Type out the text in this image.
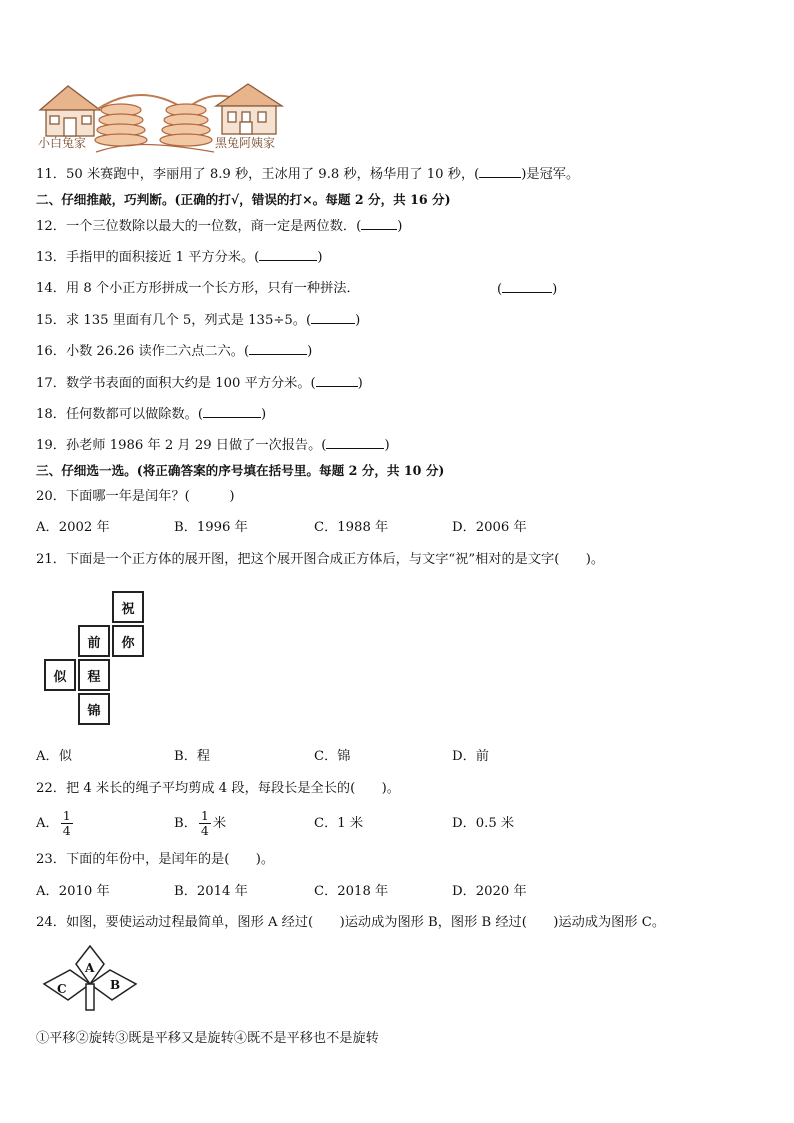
小白兔家	黑兔阿姨家
11．50 米赛跑中，李丽用了 8.9 秒，王冰用了 9.8 秒，杨华用了 10 秒，(	)是冠军。
二、仔细推敲，巧判断。(正确的打√，错误的打×。每题 2 分，共 16 分)
12．一个三位数除以最大的一位数，商一定是两位数．(	)
13．手指甲的面积接近 1 平方分米。(	)
14．用 8 个小正方形拼成一个长方形，只有一种拼法．	(	)
15．求 135 里面有几个 5，列式是 135÷5。(	)
16．小数 26.26 读作二六点二六。(	)
17．数学书表面的面积大约是 100 平方分米。(	)
18．任何数都可以做除数。(	)
19．孙老师 1986 年 2 月 29 日做了一次报告。(	)
三、仔细选一选。(将正确答案的序号填在括号里。每题 2 分，共 10 分)
20．下面哪一年是闰年？(　　　)
A．2002 年	B．1996 年	C．1988 年	D．2006 年
21．下面是一个正方体的展开图，把这个展开图合成正方体后，与文字“祝”相对的是文字(　　)。
祝
前	你
似	程
锦
A．似	B．程	C．锦	D．前
22．把 4 米长的绳子平均剪成 4 段，每段长是全长的(　　)。
A． $\frac{1}{4}$	B． $\frac{1}{4}$ 米	C．1 米	D．0.5 米
23．下面的年份中，是闰年的是(　　)。
A．2010 年	B．2014 年	C．2018 年	D．2020 年
24．如图，要使运动过程最简单，图形 A 经过(　　)运动成为图形 B，图形 B 经过(　　)运动成为图形 C。
A
B
C
①平移②旋转③既是平移又是旋转④既不是平移也不是旋转
